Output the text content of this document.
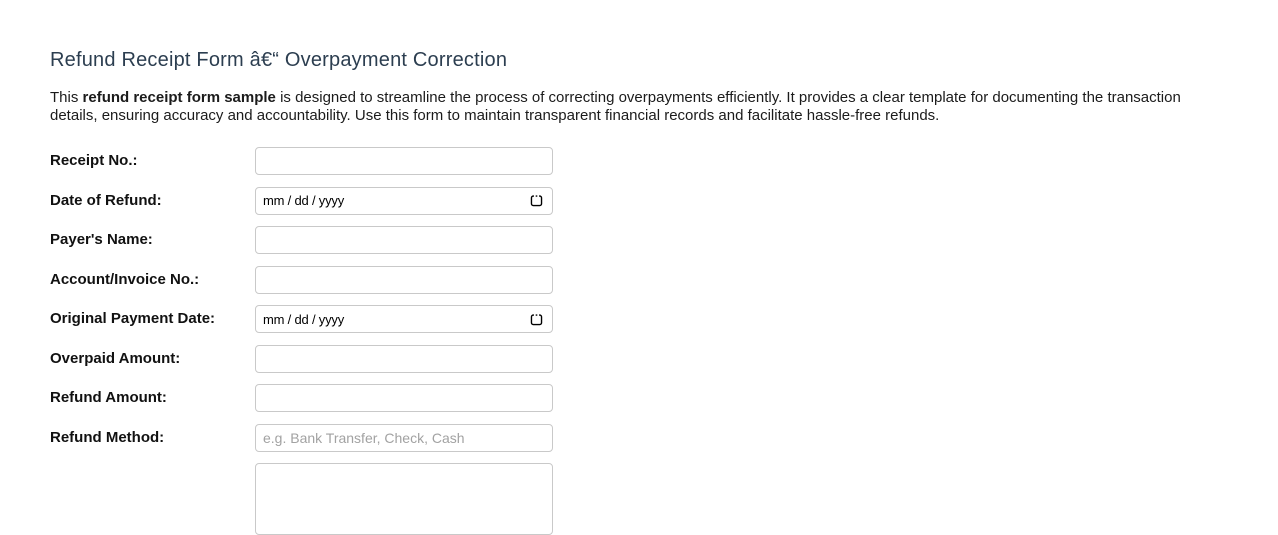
Refund Receipt Form â€“ Overpayment Correction

This refund receipt form sample is designed to streamline the process of correcting overpayments efficiently. It provides a clear template for documenting the transaction details, ensuring accuracy and accountability. Use this form to maintain transparent financial records and facilitate hassle-free refunds.

Receipt No.:
Date of Refund:	mm / dd / yyyy
Payer's Name:
Account/Invoice No.:
Original Payment Date:	mm / dd / yyyy
Overpaid Amount:
Refund Amount:
Refund Method:
e.g. Bank Transfer, Check, Cash
